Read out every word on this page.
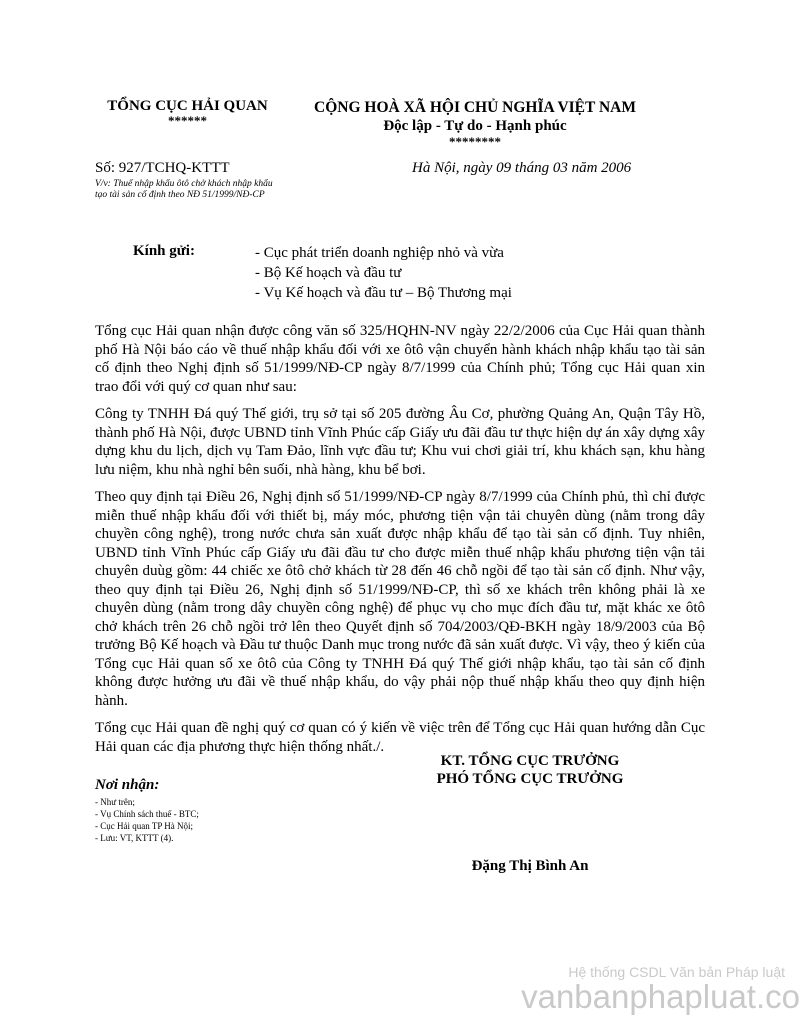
TỔNG CỤC HẢI QUAN
******
CỘNG HOÀ XÃ HỘI CHỦ NGHĨA VIỆT NAM
Độc lập - Tự do - Hạnh phúc
********
Số: 927/TCHQ-KTTT
V/v: Thuế nhập khẩu ôtô chở khách nhập khẩu tạo tài sản cố định theo NĐ 51/1999/NĐ-CP
Hà Nội, ngày 09 tháng 03 năm 2006
Kính gửi:	- Cục phát triển doanh nghiệp nhỏ và vừa
- Bộ Kế hoạch và đầu tư
- Vụ Kế hoạch và đầu tư – Bộ Thương mại

Tổng cục Hải quan nhận được công văn số 325/HQHN-NV ngày 22/2/2006 của Cục Hải quan thành phố Hà Nội báo cáo về thuế nhập khẩu đối với xe ôtô vận chuyển hành khách nhập khẩu tạo tài sản cố định theo Nghị định số 51/1999/NĐ-CP ngày 8/7/1999 của Chính phủ; Tổng cục Hải quan xin trao đổi với quý cơ quan như sau:

Công ty TNHH Đá quý Thế giới, trụ sở tại số 205 đường Âu Cơ, phường Quảng An, Quận Tây Hồ, thành phố Hà Nội, được UBND tỉnh Vĩnh Phúc cấp Giấy ưu đãi đầu tư thực hiện dự án xây dựng xây dựng khu du lịch, dịch vụ Tam Đảo, lĩnh vực đầu tư; Khu vui chơi giải trí, khu khách sạn, khu hàng lưu niệm, khu nhà nghỉ bên suối, nhà hàng, khu bể bơi.

Theo quy định tại Điều 26, Nghị định số 51/1999/NĐ-CP ngày 8/7/1999 của Chính phủ, thì chỉ được miễn thuế nhập khẩu đối với thiết bị, máy móc, phương tiện vận tải chuyên dùng (nằm trong dây chuyền công nghệ), trong nước chưa sản xuất được nhập khẩu để tạo tài sản cố định. Tuy nhiên, UBND tỉnh Vĩnh Phúc cấp Giấy ưu đãi đầu tư cho được miễn thuế nhập khẩu phương tiện vận tải chuyên duùg gồm: 44 chiếc xe ôtô chở khách từ 28 đến 46 chỗ ngồi để tạo tài sản cố định. Như vậy, theo quy định tại Điều 26, Nghị định số 51/1999/NĐ-CP, thì số xe khách trên không phải là xe chuyên dùng (nằm trong dây chuyền công nghệ) để phục vụ cho mục đích đầu tư, mặt khác xe ôtô chở khách trên 26 chỗ ngồi trở lên theo Quyết định số 704/2003/QĐ-BKH ngày 18/9/2003 của Bộ trưởng Bộ Kế hoạch và Đầu tư thuộc Danh mục trong nước đã sản xuất được. Vì vậy, theo ý kiến của Tổng cục Hải quan số xe ôtô của Công ty TNHH Đá quý Thế giới nhập khẩu, tạo tài sản cố định không được hưởng ưu đãi về thuế nhập khẩu, do vậy phải nộp thuế nhập khẩu theo quy định hiện hành.

Tổng cục Hải quan đề nghị quý cơ quan có ý kiến về việc trên để Tổng cục Hải quan hướng dẫn Cục Hải quan các địa phương thực hiện thống nhất./.

KT. TỔNG CỤC TRƯỞNG
PHÓ TỔNG CỤC TRƯỞNG
Đặng Thị Bình An
Nơi nhận:
- Như trên;
- Vụ Chính sách thuế - BTC;
- Cục Hải quan TP Hà Nội;
- Lưu: VT, KTTT (4).
Hệ thống CSDL Văn bản Pháp luật
vanbanphapluat.co
